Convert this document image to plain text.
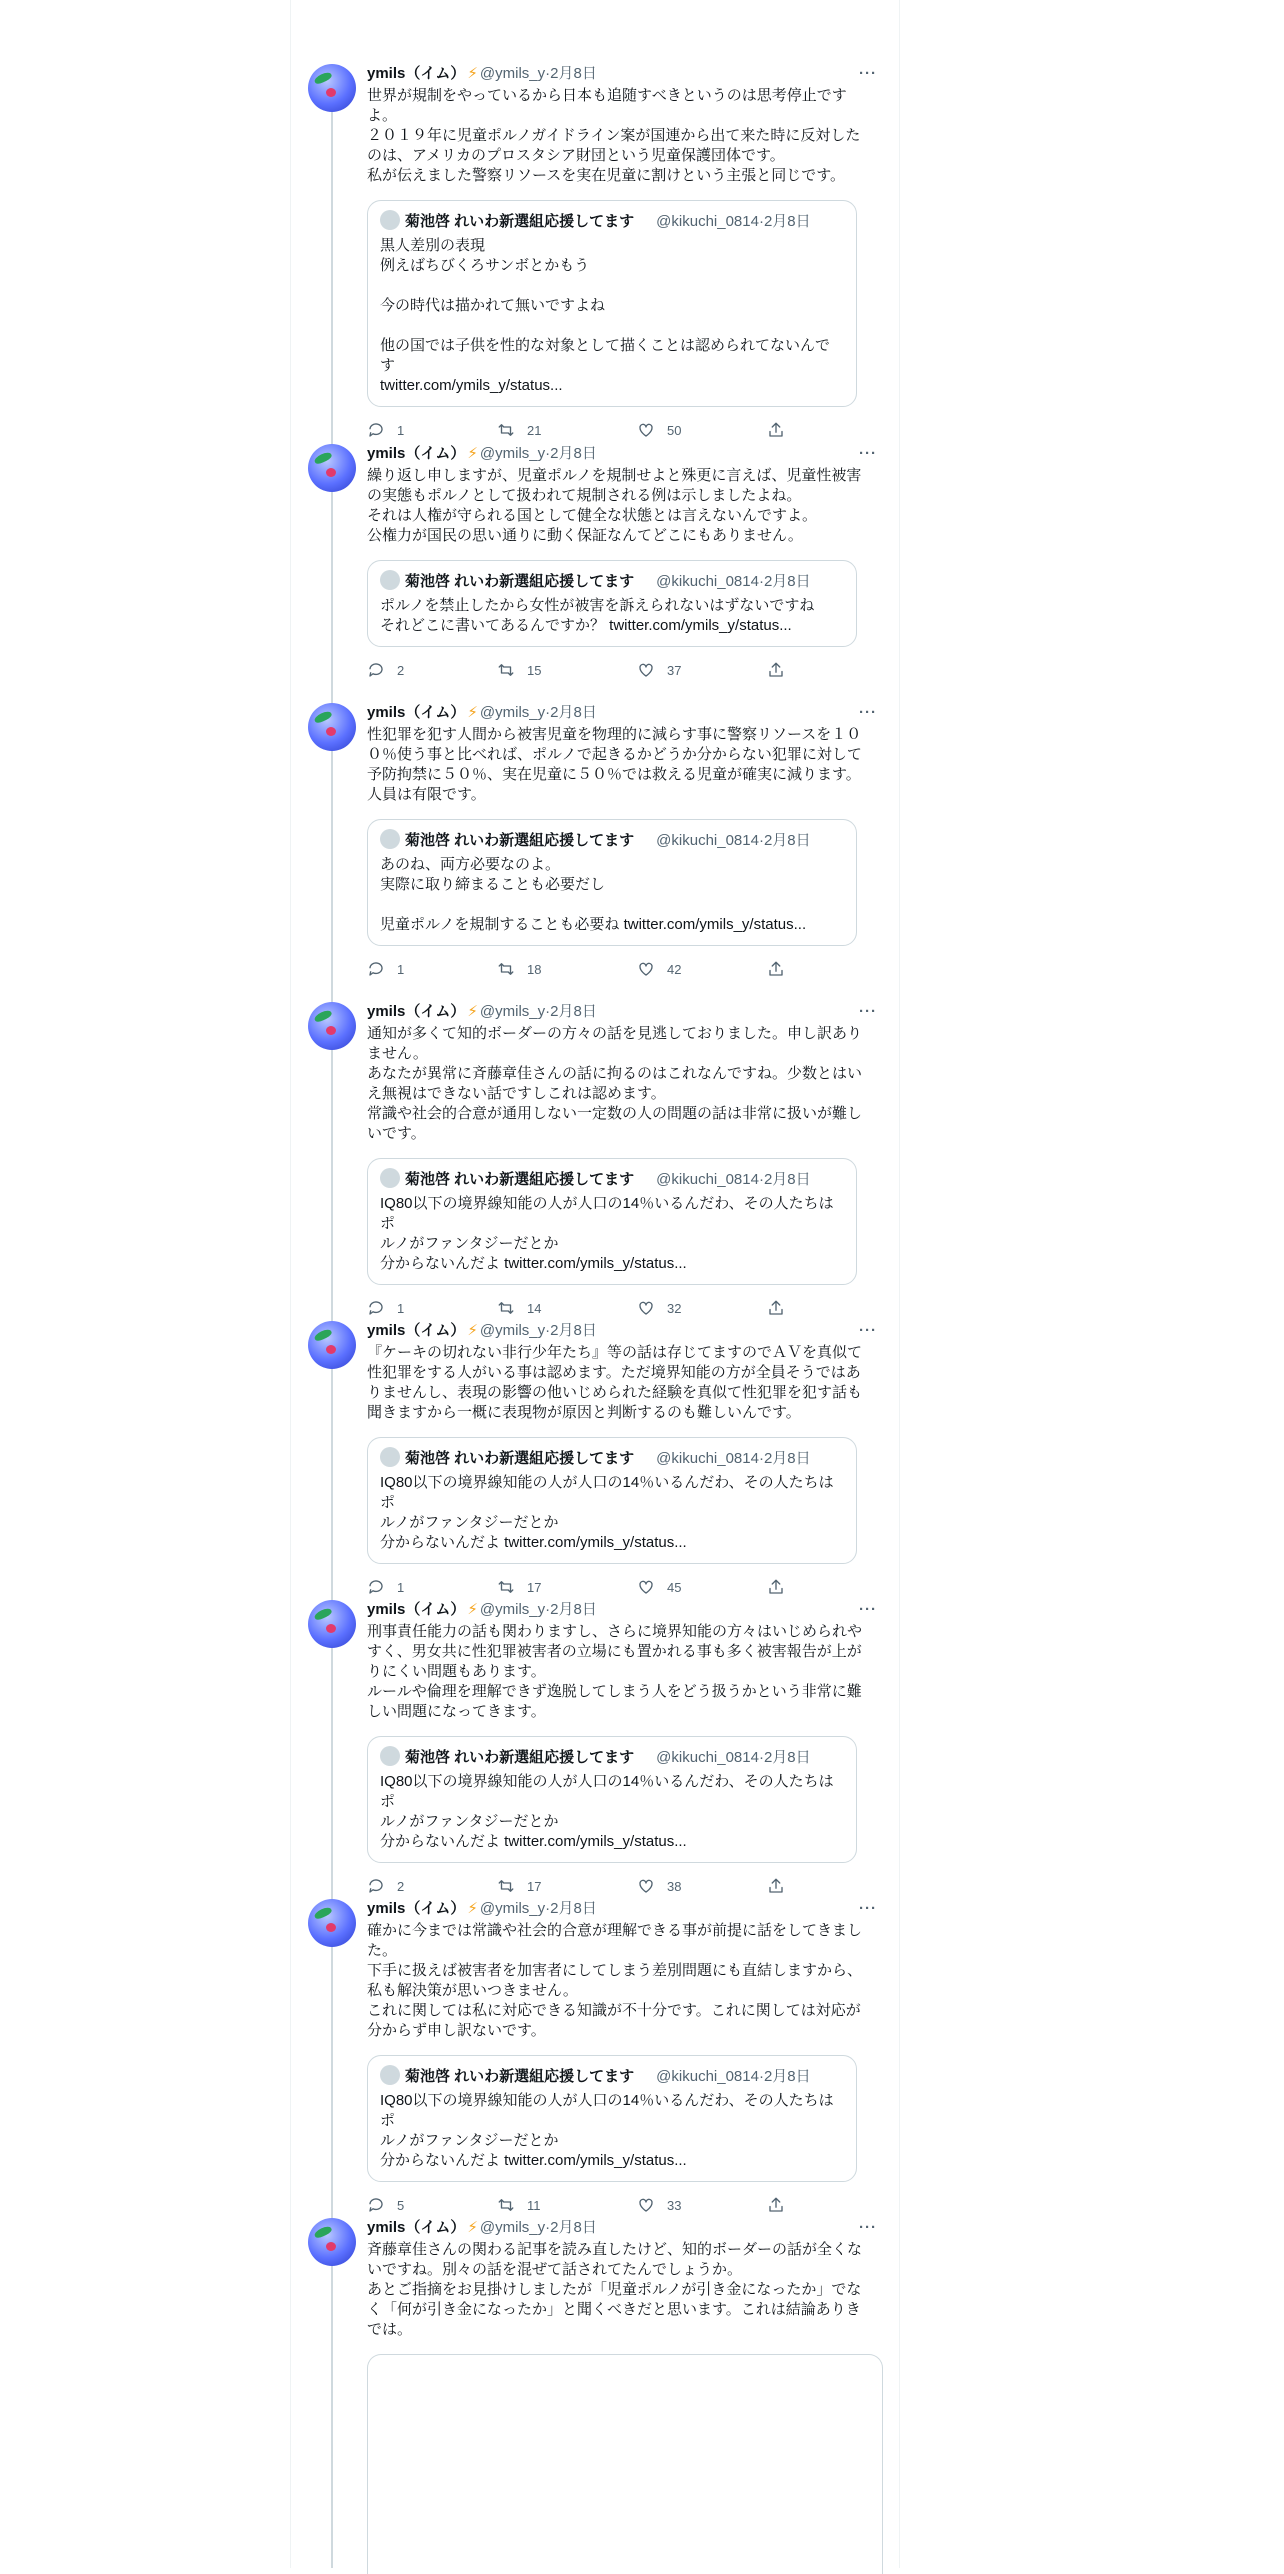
ymils（イム） ⚡ @ymils_y·2月8日	···
世界が規制をやっているから日本も追随すべきというのは思考停止です
よ。
２０１９年に児童ポルノガイドライン案が国連から出て来た時に反対した
のは、アメリカのプロスタシア財団という児童保護団体です。
私が伝えました警察リソースを実在児童に割けという主張と同じです。
菊池啓 れいわ新選組応援してます @kikuchi_0814·2月8日
黒人差別の表現
例えばちびくろサンボとかもう

今の時代は描かれて無いですよね

他の国では子供を性的な対象として描くことは認められてないんです
twitter.com/ymils_y/status...
1	21	50
ymils（イム） ⚡ @ymils_y·2月8日	···
繰り返し申しますが、児童ポルノを規制せよと殊更に言えば、児童性被害
の実態もポルノとして扱われて規制される例は示しましたよね。
それは人権が守られる国として健全な状態とは言えないんですよ。
公権力が国民の思い通りに動く保証なんてどこにもありません。
菊池啓 れいわ新選組応援してます @kikuchi_0814·2月8日
ポルノを禁止したから女性が被害を訴えられないはずないですね
それどこに書いてあるんですか？ twitter.com/ymils_y/status...
2	15	37
ymils（イム） ⚡ @ymils_y·2月8日	···
性犯罪を犯す人間から被害児童を物理的に減らす事に警察リソースを１０
０％使う事と比べれば、ポルノで起きるかどうか分からない犯罪に対して
予防拘禁に５０％、実在児童に５０％では救える児童が確実に減ります。
人員は有限です。
菊池啓 れいわ新選組応援してます @kikuchi_0814·2月8日
あのね、両方必要なのよ。
実際に取り締まることも必要だし

児童ポルノを規制することも必要ね twitter.com/ymils_y/status...
1	18	42
ymils（イム） ⚡ @ymils_y·2月8日	···
通知が多くて知的ボーダーの方々の話を見逃しておりました。申し訳あり
ません。
あなたが異常に斉藤章佳さんの話に拘るのはこれなんですね。少数とはい
え無視はできない話ですしこれは認めます。
常識や社会的合意が通用しない一定数の人の問題の話は非常に扱いが難し
いです。
菊池啓 れいわ新選組応援してます @kikuchi_0814·2月8日
IQ80以下の境界線知能の人が人口の14％いるんだわ、その人たちはポ
ルノがファンタジーだとか
分からないんだよ twitter.com/ymils_y/status...
1	14	32
ymils（イム） ⚡ @ymils_y·2月8日	···
『ケーキの切れない非行少年たち』等の話は存じてますのでＡＶを真似て
性犯罪をする人がいる事は認めます。ただ境界知能の方が全員そうではあ
りませんし、表現の影響の他いじめられた経験を真似て性犯罪を犯す話も
聞きますから一概に表現物が原因と判断するのも難しいんです。
菊池啓 れいわ新選組応援してます @kikuchi_0814·2月8日
IQ80以下の境界線知能の人が人口の14％いるんだわ、その人たちはポ
ルノがファンタジーだとか
分からないんだよ twitter.com/ymils_y/status...
1	17	45
ymils（イム） ⚡ @ymils_y·2月8日	···
刑事責任能力の話も関わりますし、さらに境界知能の方々はいじめられや
すく、男女共に性犯罪被害者の立場にも置かれる事も多く被害報告が上が
りにくい問題もあります。
ルールや倫理を理解できず逸脱してしまう人をどう扱うかという非常に難
しい問題になってきます。
菊池啓 れいわ新選組応援してます @kikuchi_0814·2月8日
IQ80以下の境界線知能の人が人口の14％いるんだわ、その人たちはポ
ルノがファンタジーだとか
分からないんだよ twitter.com/ymils_y/status...
2	17	38
ymils（イム） ⚡ @ymils_y·2月8日	···
確かに今までは常識や社会的合意が理解できる事が前提に話をしてきまし
た。
下手に扱えば被害者を加害者にしてしまう差別問題にも直結しますから、
私も解決策が思いつきません。
これに関しては私に対応できる知識が不十分です。これに関しては対応が
分からず申し訳ないです。
菊池啓 れいわ新選組応援してます @kikuchi_0814·2月8日
IQ80以下の境界線知能の人が人口の14％いるんだわ、その人たちはポ
ルノがファンタジーだとか
分からないんだよ twitter.com/ymils_y/status...
5	11	33
ymils（イム） ⚡ @ymils_y·2月8日	···
斉藤章佳さんの関わる記事を読み直したけど、知的ボーダーの話が全くな
いですね。別々の話を混ぜて話されてたんでしょうか。
あとご指摘をお見掛けしましたが「児童ポルノが引き金になったか」でな
く「何が引き金になったか」と聞くべきだと思います。これは結論ありき
では。
